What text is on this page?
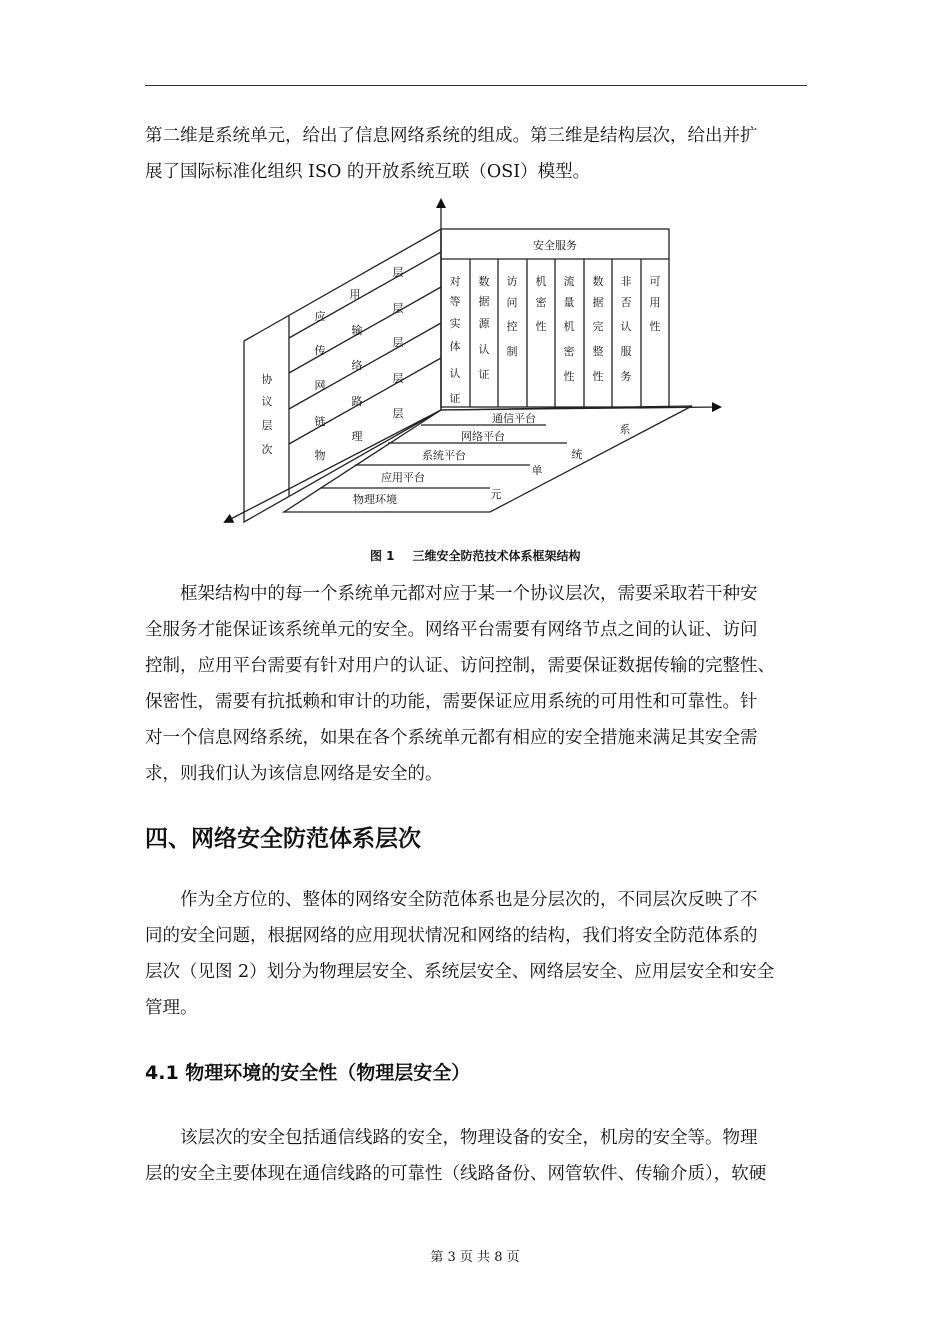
第二维是系统单元，给出了信息网络系统的组成。第三维是结构层次，给出并扩
展了国际标准化组织 ISO 的开放系统互联（OSI）模型。
协
议
层
次
层
用
层
应
输
层
传
络
层
网
路
层
链
理
物
安全服务
对
等
实
体
认
证
数
据
源
认
证
访
问
控
制
机
密
性
流
量
机
密
性
数
据
完
整
性
非
否
认
服
务
可
用
性
通信平台
网络平台
系统平台
应用平台
物理环境
系
统
单
元
图 1 三维安全防范技术体系框架结构
框架结构中的每一个系统单元都对应于某一个协议层次，需要采取若干种安
全服务才能保证该系统单元的安全。网络平台需要有网络节点之间的认证、访问
控制，应用平台需要有针对用户的认证、访问控制，需要保证数据传输的完整性、
保密性，需要有抗抵赖和审计的功能，需要保证应用系统的可用性和可靠性。针
对一个信息网络系统，如果在各个系统单元都有相应的安全措施来满足其安全需
求，则我们认为该信息网络是安全的。
四、网络安全防范体系层次
作为全方位的、整体的网络安全防范体系也是分层次的，不同层次反映了不
同的安全问题，根据网络的应用现状情况和网络的结构，我们将安全防范体系的
层次（见图 2）划分为物理层安全、系统层安全、网络层安全、应用层安全和安全
管理。
4.1 物理环境的安全性（物理层安全）
该层次的安全包括通信线路的安全，物理设备的安全，机房的安全等。物理
层的安全主要体现在通信线路的可靠性（线路备份、网管软件、传输介质），软硬
第 3 页 共 8 页
